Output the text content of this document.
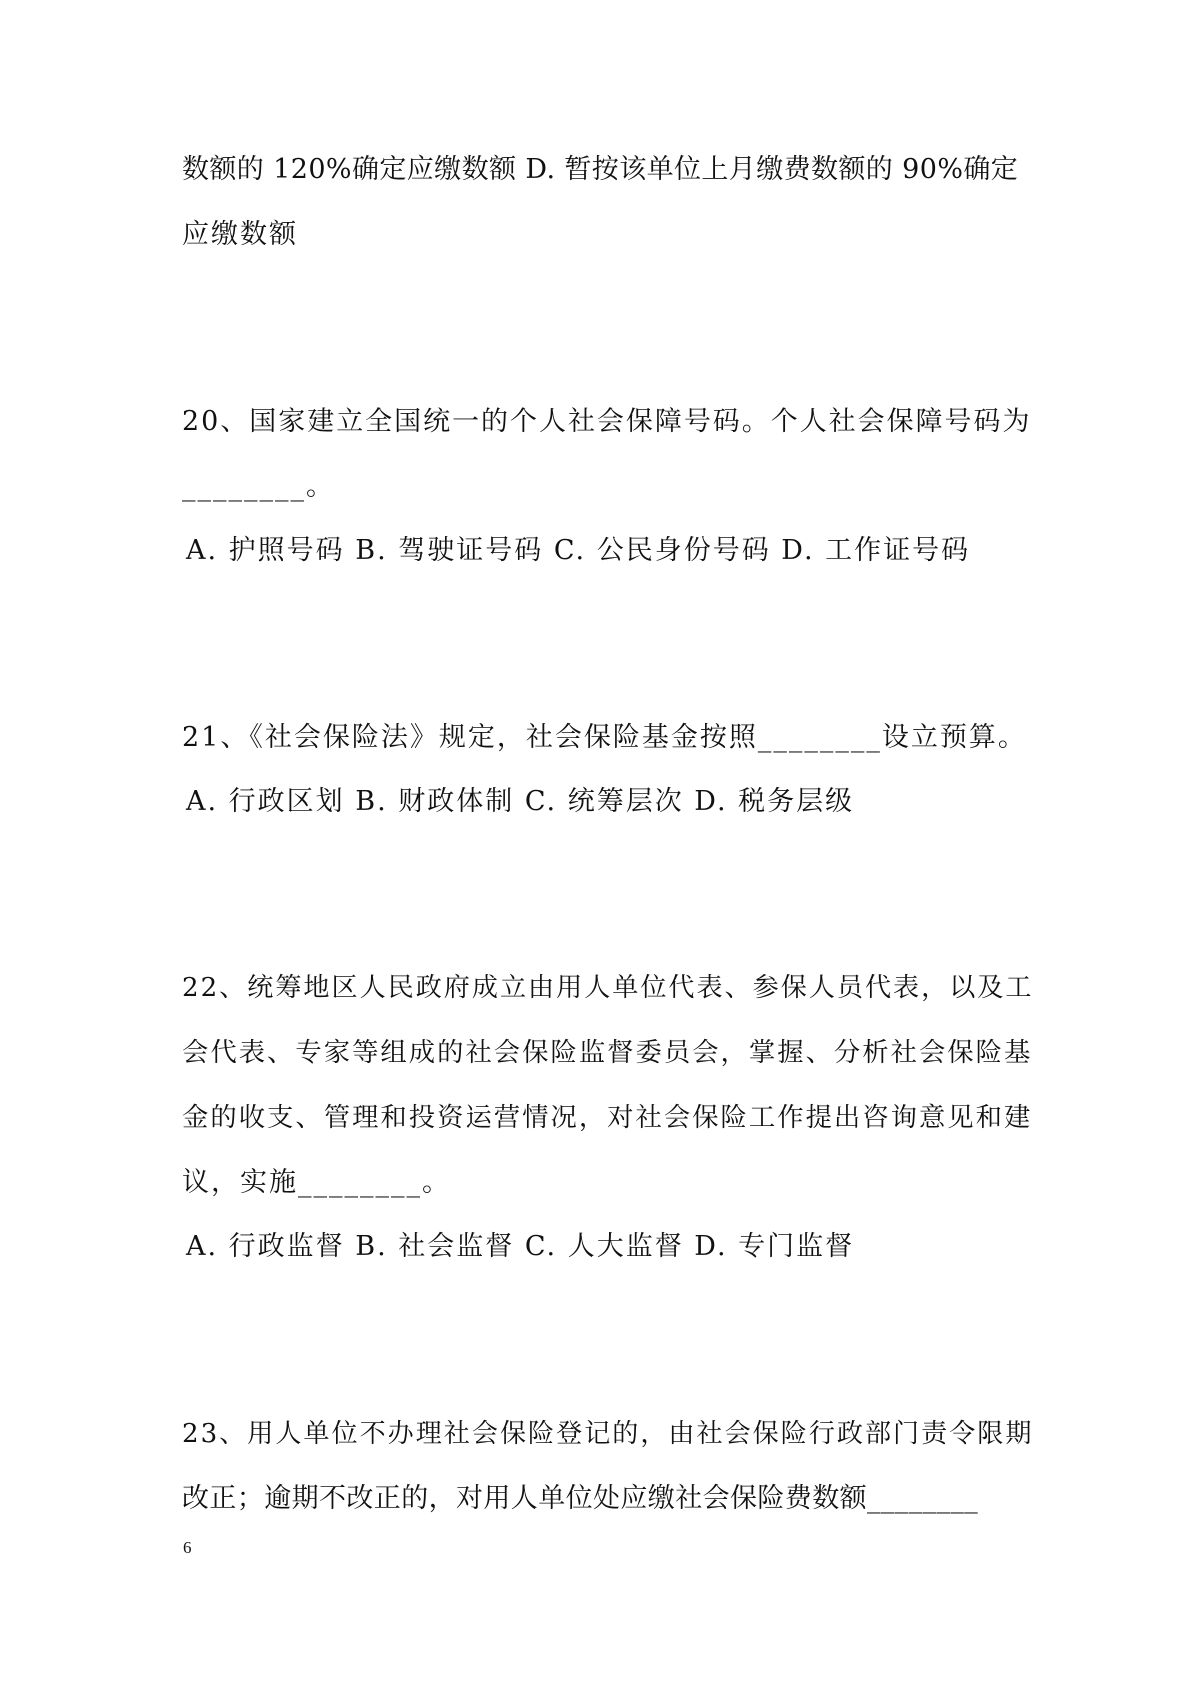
数额的 120%确定应缴数额 D. 暂按该单位上月缴费数额的 90%确定
应缴数额
20、国家建立全国统一的个人社会保障号码。个人社会保障号码为
________。
A. 护照号码 B. 驾驶证号码 C. 公民身份号码 D. 工作证号码
21、《社会保险法》规定，社会保险基金按照________设立预算。
A. 行政区划 B. 财政体制 C. 统筹层次 D. 税务层级
22、统筹地区人民政府成立由用人单位代表、参保人员代表，以及工
会代表、专家等组成的社会保险监督委员会，掌握、分析社会保险基
金的收支、管理和投资运营情况，对社会保险工作提出咨询意见和建
议，实施________。
A. 行政监督 B. 社会监督 C. 人大监督 D. 专门监督
23、用人单位不办理社会保险登记的，由社会保险行政部门责令限期
改正；逾期不改正的，对用人单位处应缴社会保险费数额________
6
